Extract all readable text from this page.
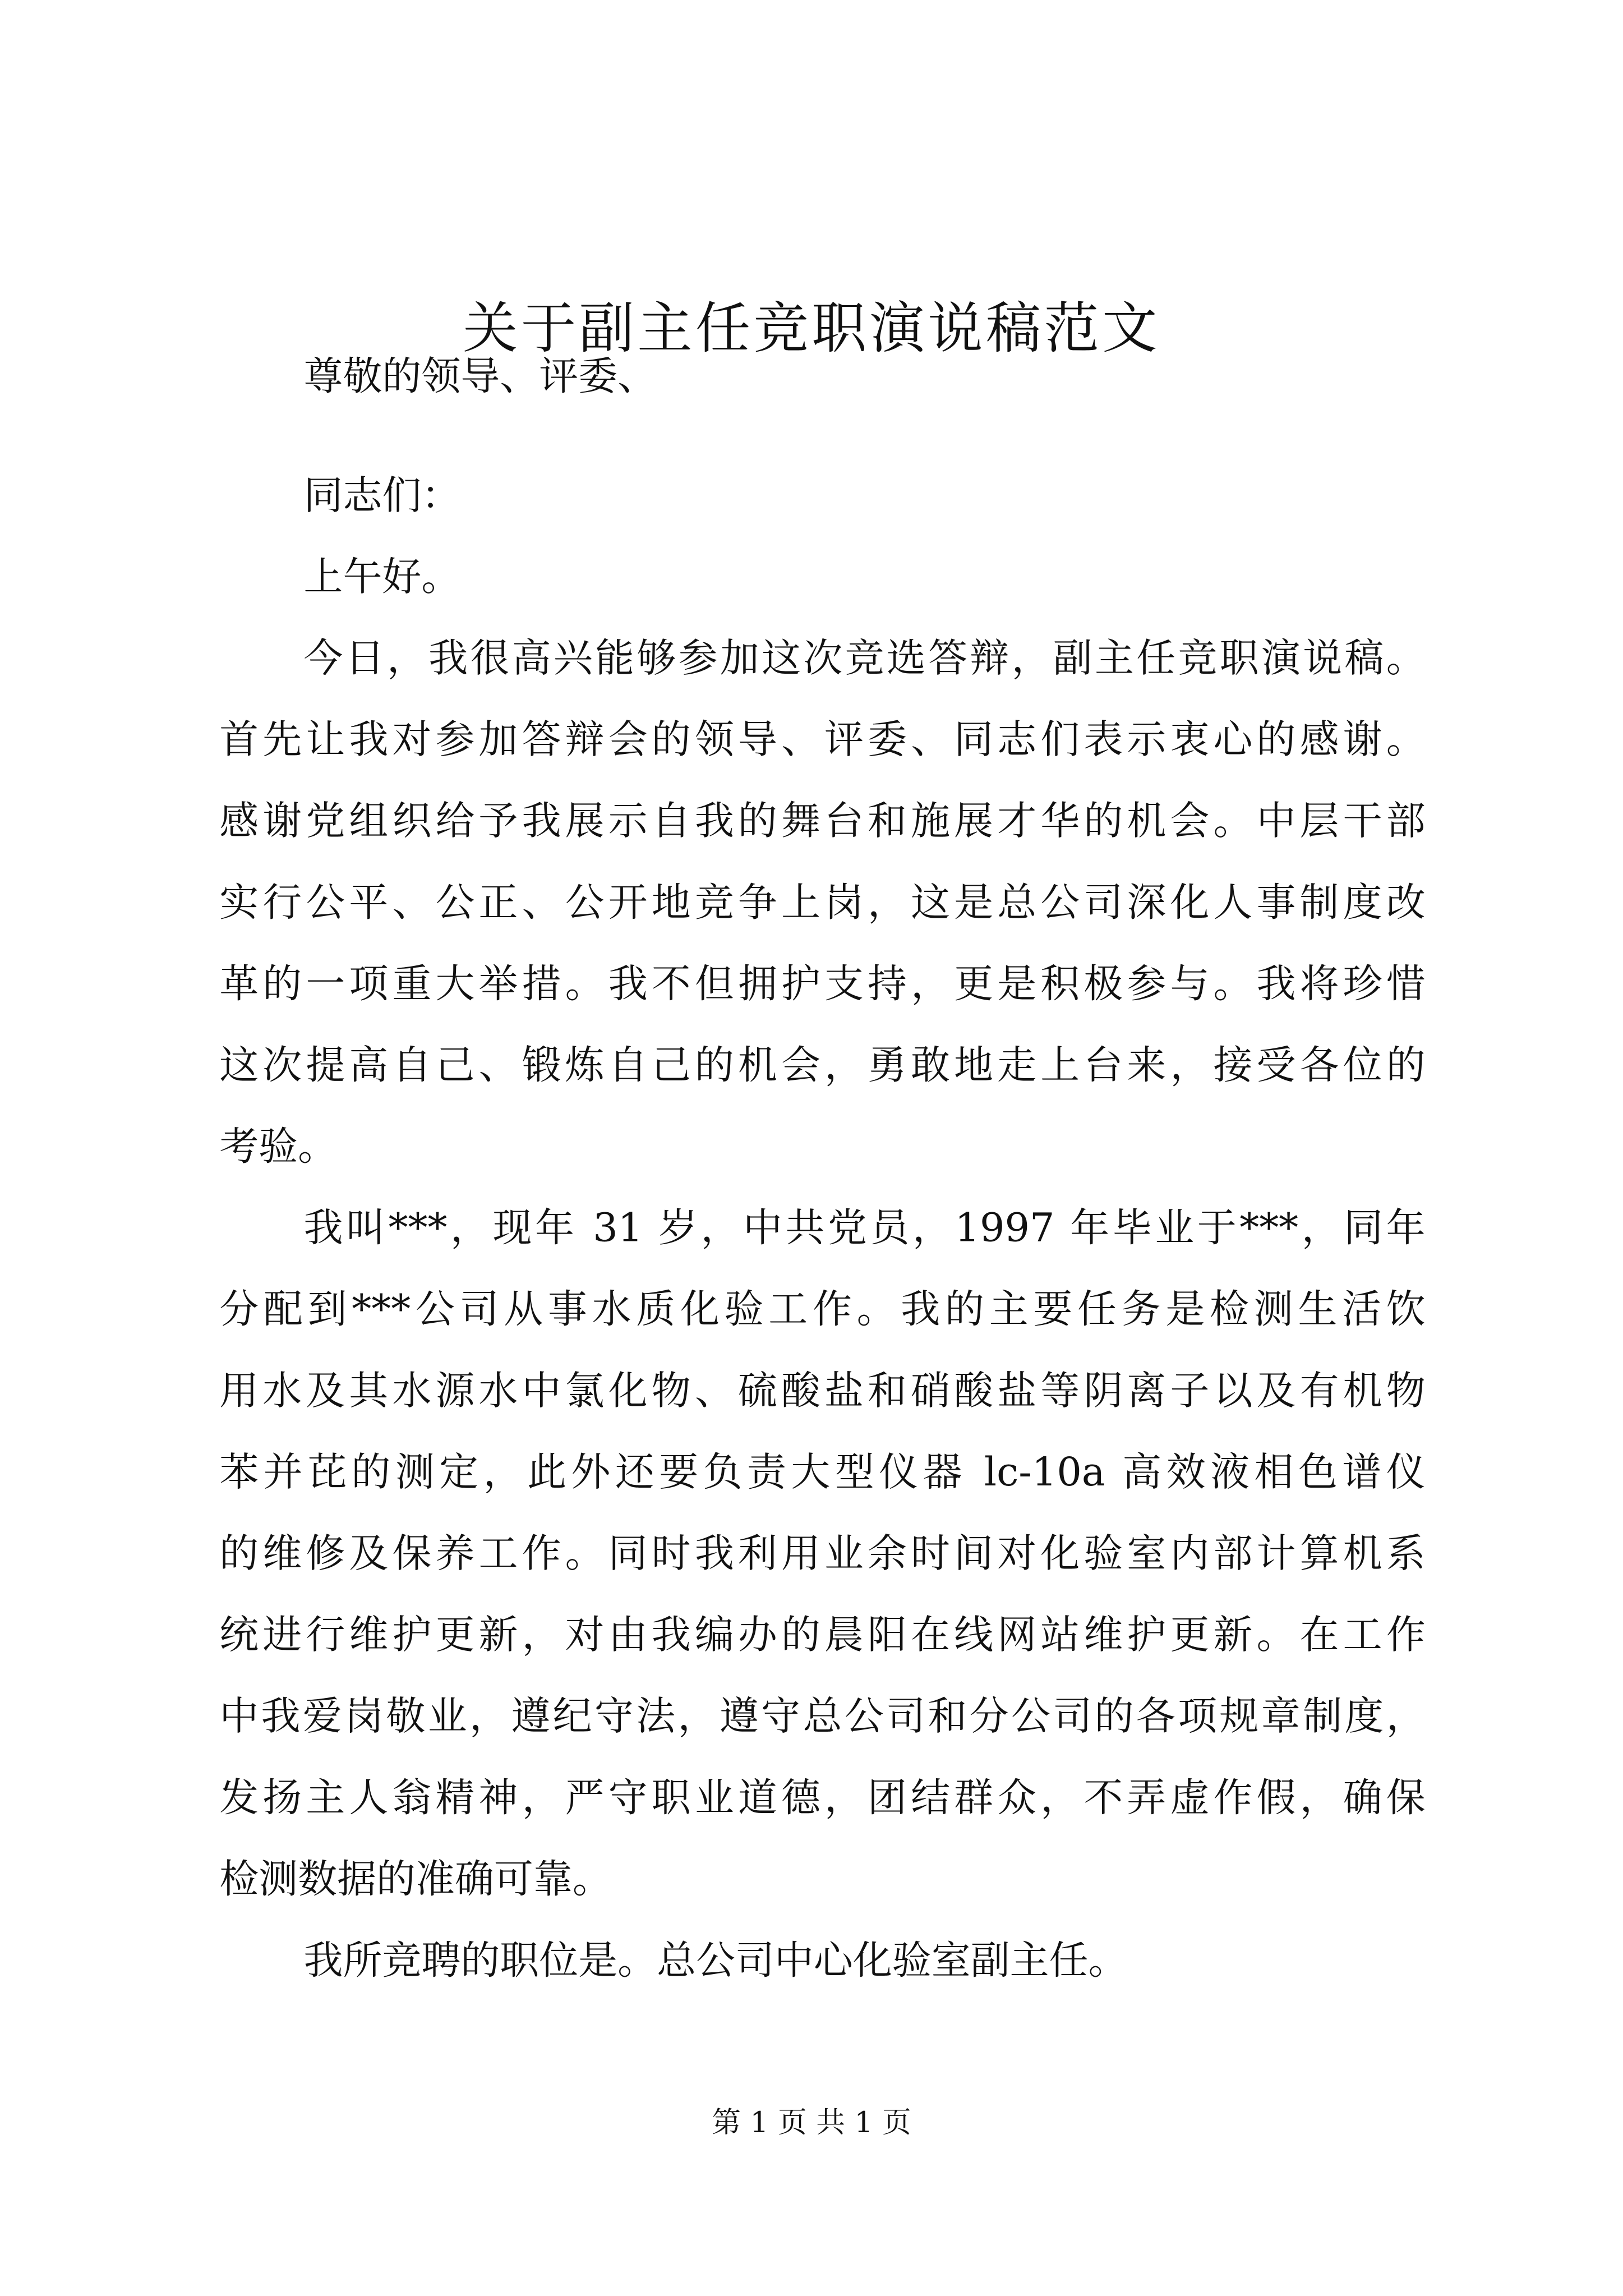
关于副主任竞职演说稿范文

尊敬的领导、评委、

同志们：

上午好。

今日，我很高兴能够参加这次竞选答辩，副主任竞职演说稿。

首先让我对参加答辩会的领导、评委、同志们表示衷心的感谢。

感谢党组织给予我展示自我的舞台和施展才华的机会。中层干部

实行公平、公正、公开地竞争上岗，这是总公司深化人事制度改

革的一项重大举措。我不但拥护支持，更是积极参与。我将珍惜

这次提高自己、锻炼自己的机会，勇敢地走上台来，接受各位的

考验。

我叫***，现年 31 岁，中共党员，1997 年毕业于***，同年

分配到***公司从事水质化验工作。我的主要任务是检测生活饮

用水及其水源水中氯化物、硫酸盐和硝酸盐等阴离子以及有机物

苯并芘的测定，此外还要负责大型仪器 lc-10a 高效液相色谱仪

的维修及保养工作。同时我利用业余时间对化验室内部计算机系

统进行维护更新，对由我编办的晨阳在线网站维护更新。在工作

中我爱岗敬业，遵纪守法，遵守总公司和分公司的各项规章制度，

发扬主人翁精神，严守职业道德，团结群众，不弄虚作假，确保

检测数据的准确可靠。

我所竞聘的职位是。总公司中心化验室副主任。

第 1 页 共 1 页
